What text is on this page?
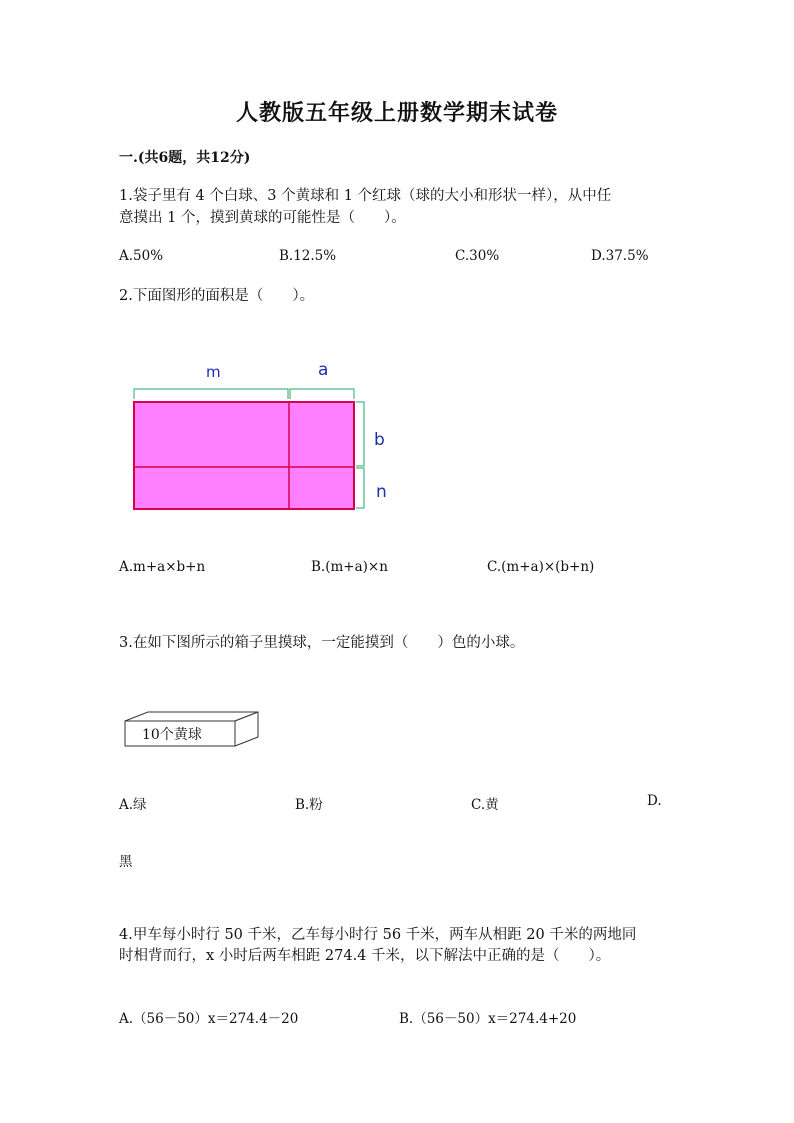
人教版五年级上册数学期末试卷
一.(共6题，共12分)
1.袋子里有 4 个白球、3 个黄球和 1 个红球（球的大小和形状一样），从中任
意摸出 1 个，摸到黄球的可能性是（　　）。
A.50%	B.12.5%	C.30%	D.37.5%
2.下面图形的面积是（　　）。
m	a
b
n
A.m+a×b+n	B.(m+a)×n	C.(m+a)×(b+n)
3.在如下图所示的箱子里摸球，一定能摸到（　　）色的小球。
10个黄球
A.绿	B.粉	C.黄	D.
黑
4.甲车每小时行 50 千米，乙车每小时行 56 千米，两车从相距 20 千米的两地同
时相背而行，x 小时后两车相距 274.4 千米，以下解法中正确的是（　　）。
A.（56－50）x＝274.4－20	B.（56－50）x＝274.4+20
